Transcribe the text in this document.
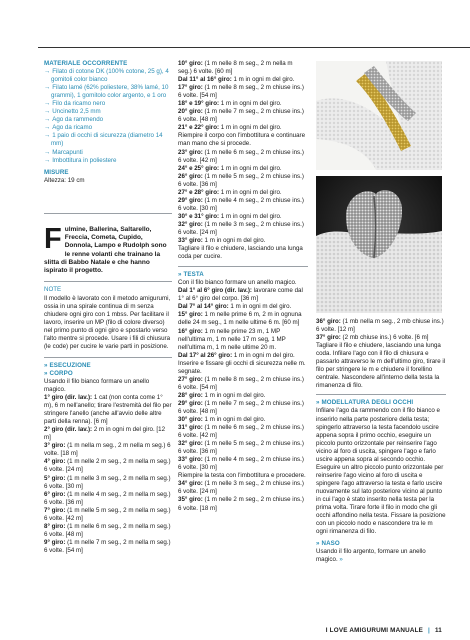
MATERIALE OCCORRENTE
→ Filato di cotone DK (100% cotone, 25 g), 4 gomitoli color bianco
→ Filato lamé (62% poliestere, 38% lamé, 10 grammi), 1 gomitolo color argento, e 1 oro
→ Filo da ricamo nero
→ Uncinetto 2,5 mm
→ Ago da rammendo
→ Ago da ricamo
→ 1 paio di occhi di sicurezza (diametro 14 mm)
→ Marcapunti
→ Imbottitura in poliestere
MISURE
Altezza: 19 cm
Fulmine, Ballerina, Saltarello, Freccia, Cometa, Cupido, Donnola, Lampo e Rudolph sono le renne volanti che trainano la slitta di Babbo Natale e che hanno ispirato il progetto.
NOTE
Il modello è lavorato con il metodo amigurumi, ossia in una spirale continua di m senza chiudere ogni giro con 1 mbss. Per facilitare il lavoro, inserire un MP (filo di colore diverso) nel primo punto di ogni giro e spostarlo verso l'alto mentre si procede. Usare i fili di chiusura (le code) per cucire le varie parti in posizione.
» ESECUZIONE
» CORPO
Usando il filo bianco formare un anello magico.
1° giro (dir. lav.): 1 cat (non conta come 1° m), 6 m nell'anello; tirare l'estremità del filo per stringere l'anello (anche all'avvio delle altre parti della renna). [6 m]
2° giro (dir. lav.): 2 m in ogni m del giro. [12 m]
3° giro: (1 m nella m seg., 2 m nella m seg.) 6 volte. [18 m]
4° giro: (1 m nelle 2 m seg., 2 m nella m seg.) 6 volte. [24 m]
5° giro: (1 m nelle 3 m seg., 2 m nella m seg.) 6 volte. [30 m]
6° giro: (1 m nelle 4 m seg., 2 m nella m seg.) 6 volte. [36 m]
7° giro: (1 m nelle 5 m seg., 2 m nella m seg.) 6 volte. [42 m]
8° giro: (1 m nelle 6 m seg., 2 m nella m seg.) 6 volte. [48 m]
9° giro: (1 m nelle 7 m seg., 2 m nella m seg.) 6 volte. [54 m]
10° giro: (1 m nelle 8 m seg., 2 m nella m seg.) 6 volte. [60 m]
Dal 11° al 16° giro: 1 m in ogni m del giro.
17° giro: (1 m nelle 8 m seg., 2 m chiuse ins.) 6 volte. [54 m]
18° e 19° giro: 1 m in ogni m del giro.
20° giro: (1 m nelle 7 m seg., 2 m chiuse ins.) 6 volte. [48 m]
21° e 22° giro: 1 m in ogni m del giro.
Riempire il corpo con l'imbottitura e continuare man mano che si procede.
23° giro: (1 m nelle 6 m seg., 2 m chiuse ins.) 6 volte. [42 m]
24° e 25° giro: 1 m in ogni m del giro.
26° giro: (1 m nelle 5 m seg., 2 m chiuse ins.) 6 volte. [36 m]
27° e 28° giro: 1 m in ogni m del giro.
29° giro: (1 m nelle 4 m seg., 2 m chiuse ins.) 6 volte. [30 m]
30° e 31° giro: 1 m in ogni m del giro.
32° giro: (1 m nelle 3 m seg., 2 m chiuse ins.) 6 volte. [24 m]
33° giro: 1 m in ogni m del giro.
Tagliare il filo e chiudere, lasciando una lunga coda per cucire.
» TESTA
Con il filo bianco formare un anello magico.
Dal 1° al 6° giro (dir. lav.): lavorare come dal 1° al 6° giro del corpo. [36 m]
Dal 7° al 14° giro: 1 m in ogni m del giro.
15° giro: 1 m nelle prime 6 m, 2 m in ognuna delle 24 m seg., 1 m nelle ultime 6 m. [60 m]
16° giro: 1 m nelle prime 23 m, 1 MP nell'ultima m, 1 m nelle 17 m seg, 1 MP nell'ultima m, 1 m nelle ultime 20 m.
Dal 17° al 26° giro: 1 m in ogni m del giro. Inserire e fissare gli occhi di sicurezza nelle m. segnate.
27° giro: (1 m nelle 8 m seg., 2 m chiuse ins.) 6 volte. [54 m]
28° giro: 1 m in ogni m del giro.
29° giro: (1 m nelle 7 m seg., 2 m chiuse ins.) 6 volte. [48 m]
30° giro: 1 m in ogni m del giro.
31° giro: (1 m nelle 6 m seg., 2 m chiuse ins.) 6 volte. [42 m]
32° giro: (1 m nelle 5 m seg., 2 m chiuse ins.) 6 volte. [36 m]
33° giro: (1 m nelle 4 m seg., 2 m chiuse ins.) 6 volte. [30 m]
Riempire la testa con l'imbottitura e procedere.
34° giro: (1 m nelle 3 m seg., 2 m chiuse ins.) 6 volte. [24 m]
35° giro: (1 m nelle 2 m seg., 2 m chiuse ins.) 6 volte. [18 m]
36° giro: (1 mb nella m seg., 2 mb chiuse ins.) 6 volte. [12 m]
37° giro: (2 mb chiuse ins.) 6 volte. [6 m]
Tagliare il filo e chiudere, lasciando una lunga coda. Infilare l'ago con il filo di chiusura e passarlo attraverso le m dell'ultimo giro, tirare il filo per stringere le m e chiudere il forellino centrale. Nascondere all'interno della testa la rimanenza di filo.
» MODELLATURA DEGLI OCCHI
Infilare l'ago da rammendo con il filo bianco e inserirlo nella parte posteriore della testa; spingerlo attraverso la testa facendolo uscire appena sopra il primo occhio, eseguire un piccolo punto orizzontale per reinserire l'ago vicino al foro di uscita, spingere l'ago e farlo uscire appena sopra al secondo occhio. Eseguire un altro piccolo punto orizzontale per reinserire l'ago vicino al foro di uscita e spingere l'ago attraverso la testa e farlo uscire nuovamente sul lato posteriore vicino al punto in cui l'ago è stato inserito nella testa per la prima volta. Tirare forte il filo in modo che gli occhi affondino nella testa. Fissare la posizione con un piccolo nodo e nascondere tra le m ogni rimanenza di filo.
» NASO
Usando il filo argento, formare un anello magico. »
I LOVE AMIGURUMI MANUALE | 11
